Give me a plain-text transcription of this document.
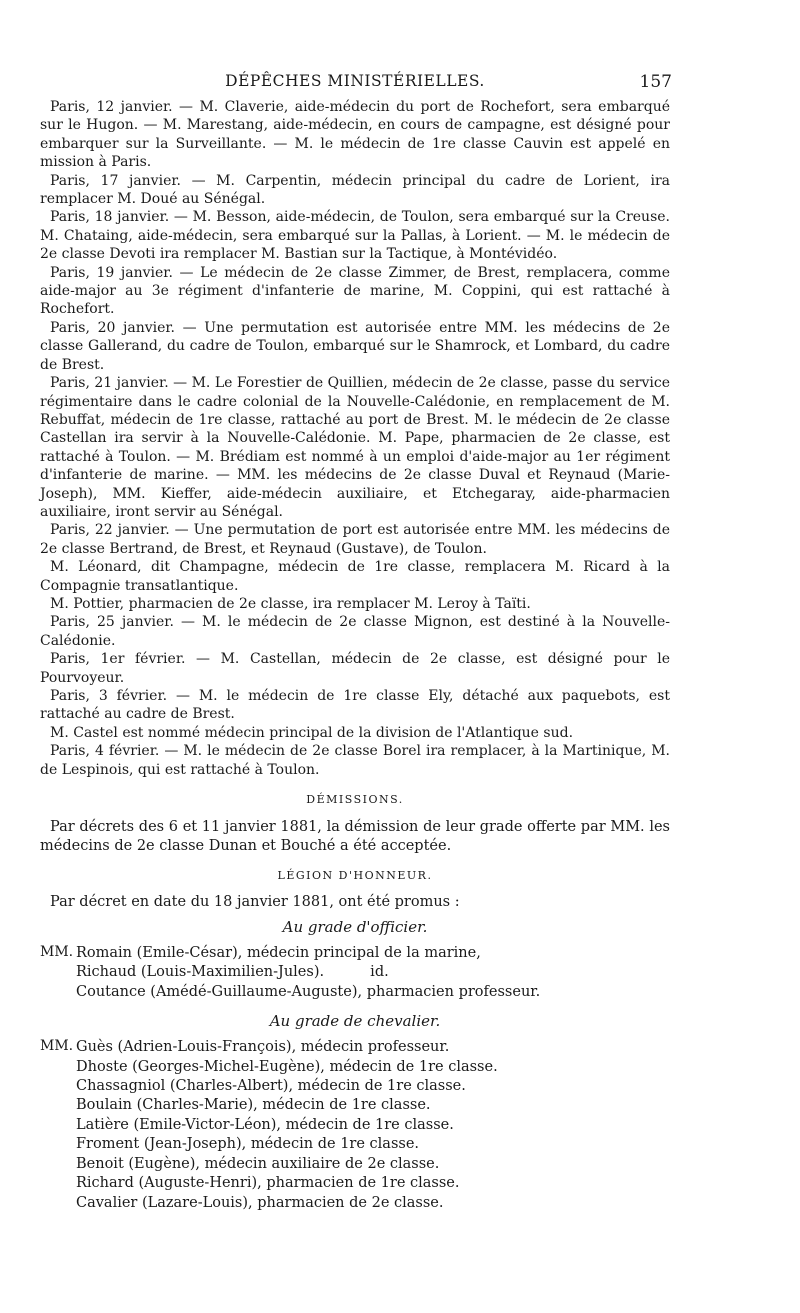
DÉPÊCHES MINISTÉRIELLES.	157

Paris, 12 janvier. — M. Claverie, aide-médecin du port de Rochefort, sera embarqué sur le Hugon. — M. Marestang, aide-médecin, en cours de campagne, est désigné pour embarquer sur la Surveillante. — M. le médecin de 1re classe Cauvin est appelé en mission à Paris.

Paris, 17 janvier. — M. Carpentin, médecin principal du cadre de Lorient, ira remplacer M. Doué au Sénégal.

Paris, 18 janvier. — M. Besson, aide-médecin, de Toulon, sera embarqué sur la Creuse. M. Chataing, aide-médecin, sera embarqué sur la Pallas, à Lorient. — M. le médecin de 2e classe Devoti ira remplacer M. Bastian sur la Tactique, à Montévidéo.

Paris, 19 janvier. — Le médecin de 2e classe Zimmer, de Brest, remplacera, comme aide-major au 3e régiment d'infanterie de marine, M. Coppini, qui est rattaché à Rochefort.

Paris, 20 janvier. — Une permutation est autorisée entre MM. les médecins de 2e classe Gallerand, du cadre de Toulon, embarqué sur le Shamrock, et Lombard, du cadre de Brest.

Paris, 21 janvier. — M. Le Forestier de Quillien, médecin de 2e classe, passe du service régimentaire dans le cadre colonial de la Nouvelle-Calédonie, en remplacement de M. Rebuffat, médecin de 1re classe, rattaché au port de Brest. M. le médecin de 2e classe Castellan ira servir à la Nouvelle-Calédonie. M. Pape, pharmacien de 2e classe, est rattaché à Toulon. — M. Brédiam est nommé à un emploi d'aide-major au 1er régiment d'infanterie de marine. — MM. les médecins de 2e classe Duval et Reynaud (Marie-Joseph), MM. Kieffer, aide-médecin auxiliaire, et Etchegaray, aide-pharmacien auxiliaire, iront servir au Sénégal.

Paris, 22 janvier. — Une permutation de port est autorisée entre MM. les médecins de 2e classe Bertrand, de Brest, et Reynaud (Gustave), de Toulon.

M. Léonard, dit Champagne, médecin de 1re classe, remplacera M. Ricard à la Compagnie transatlantique.

M. Pottier, pharmacien de 2e classe, ira remplacer M. Leroy à Taïti.

Paris, 25 janvier. — M. le médecin de 2e classe Mignon, est destiné à la Nouvelle-Calédonie.

Paris, 1er février. — M. Castellan, médecin de 2e classe, est désigné pour le Pourvoyeur.

Paris, 3 février. — M. le médecin de 1re classe Ely, détaché aux paquebots, est rattaché au cadre de Brest.

M. Castel est nommé médecin principal de la division de l'Atlantique sud.

Paris, 4 février. — M. le médecin de 2e classe Borel ira remplacer, à la Martinique, M. de Lespinois, qui est rattaché à Toulon.

DÉMISSIONS.

Par décrets des 6 et 11 janvier 1881, la démission de leur grade offerte par MM. les médecins de 2e classe Dunan et Bouché a été acceptée.

LÉGION D'HONNEUR.

Par décret en date du 18 janvier 1881, ont été promus :

Au grade d'officier.
MM. Romain (Emile-César), médecin principal de la marine,

Richaud (Louis-Maximilien-Jules).          id.

Coutance (Amédé-Guillaume-Auguste), pharmacien professeur.

Au grade de chevalier.
MM. Guès (Adrien-Louis-François), médecin professeur.

Dhoste (Georges-Michel-Eugène), médecin de 1re classe.

Chassagniol (Charles-Albert), médecin de 1re classe.

Boulain (Charles-Marie), médecin de 1re classe.

Latière (Emile-Victor-Léon), médecin de 1re classe.

Froment (Jean-Joseph), médecin de 1re classe.

Benoit (Eugène), médecin auxiliaire de 2e classe.

Richard (Auguste-Henri), pharmacien de 1re classe.

Cavalier (Lazare-Louis), pharmacien de 2e classe.
